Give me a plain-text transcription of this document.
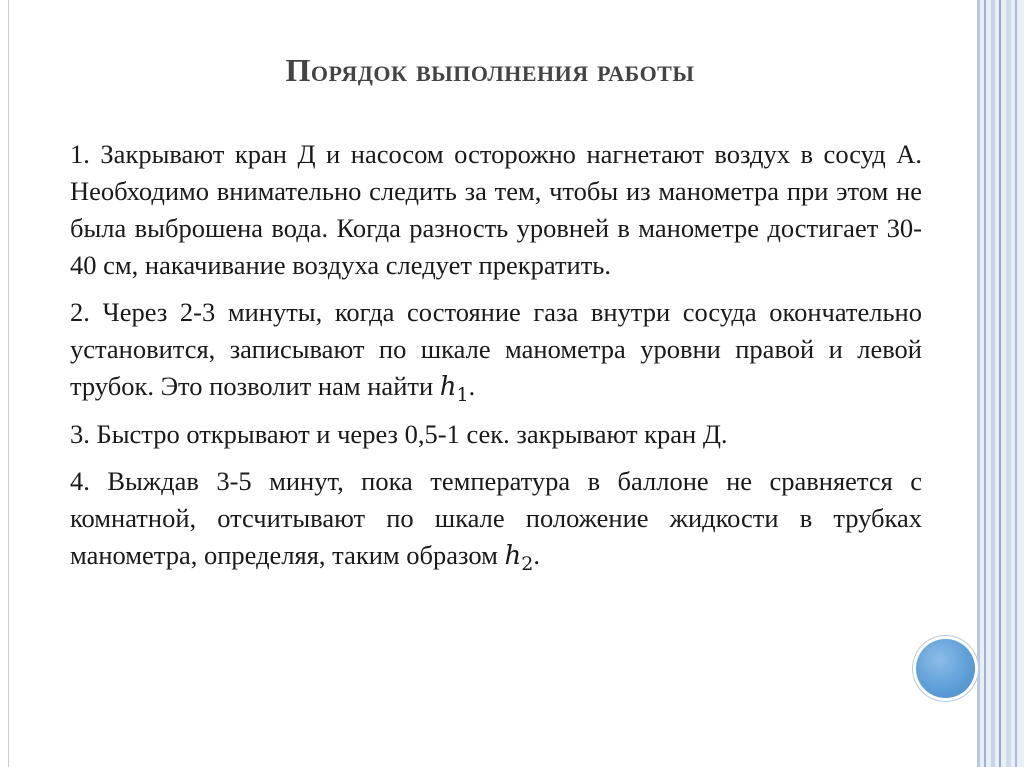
Порядок выполнения работы

1. Закрывают кран Д и насосом осторожно нагнетают воздух в сосуд А. Необходимо внимательно следить за тем, чтобы из манометра при этом не была выброшена вода. Когда разность уровней в манометре достигает 30-40 см, накачивание воздуха следует прекратить.

2. Через 2-3 минуты, когда состояние газа внутри сосуда окончательно установится, записывают по шкале манометра уровни правой и левой трубок. Это позволит нам найти $h_1$.

3. Быстро открывают и через 0,5-1 сек. закрывают кран Д.

4. Выждав 3-5 минут, пока температура в баллоне не сравняется с комнатной, отсчитывают по шкале положение жидкости в трубках манометра, определяя, таким образом $h_2$.
